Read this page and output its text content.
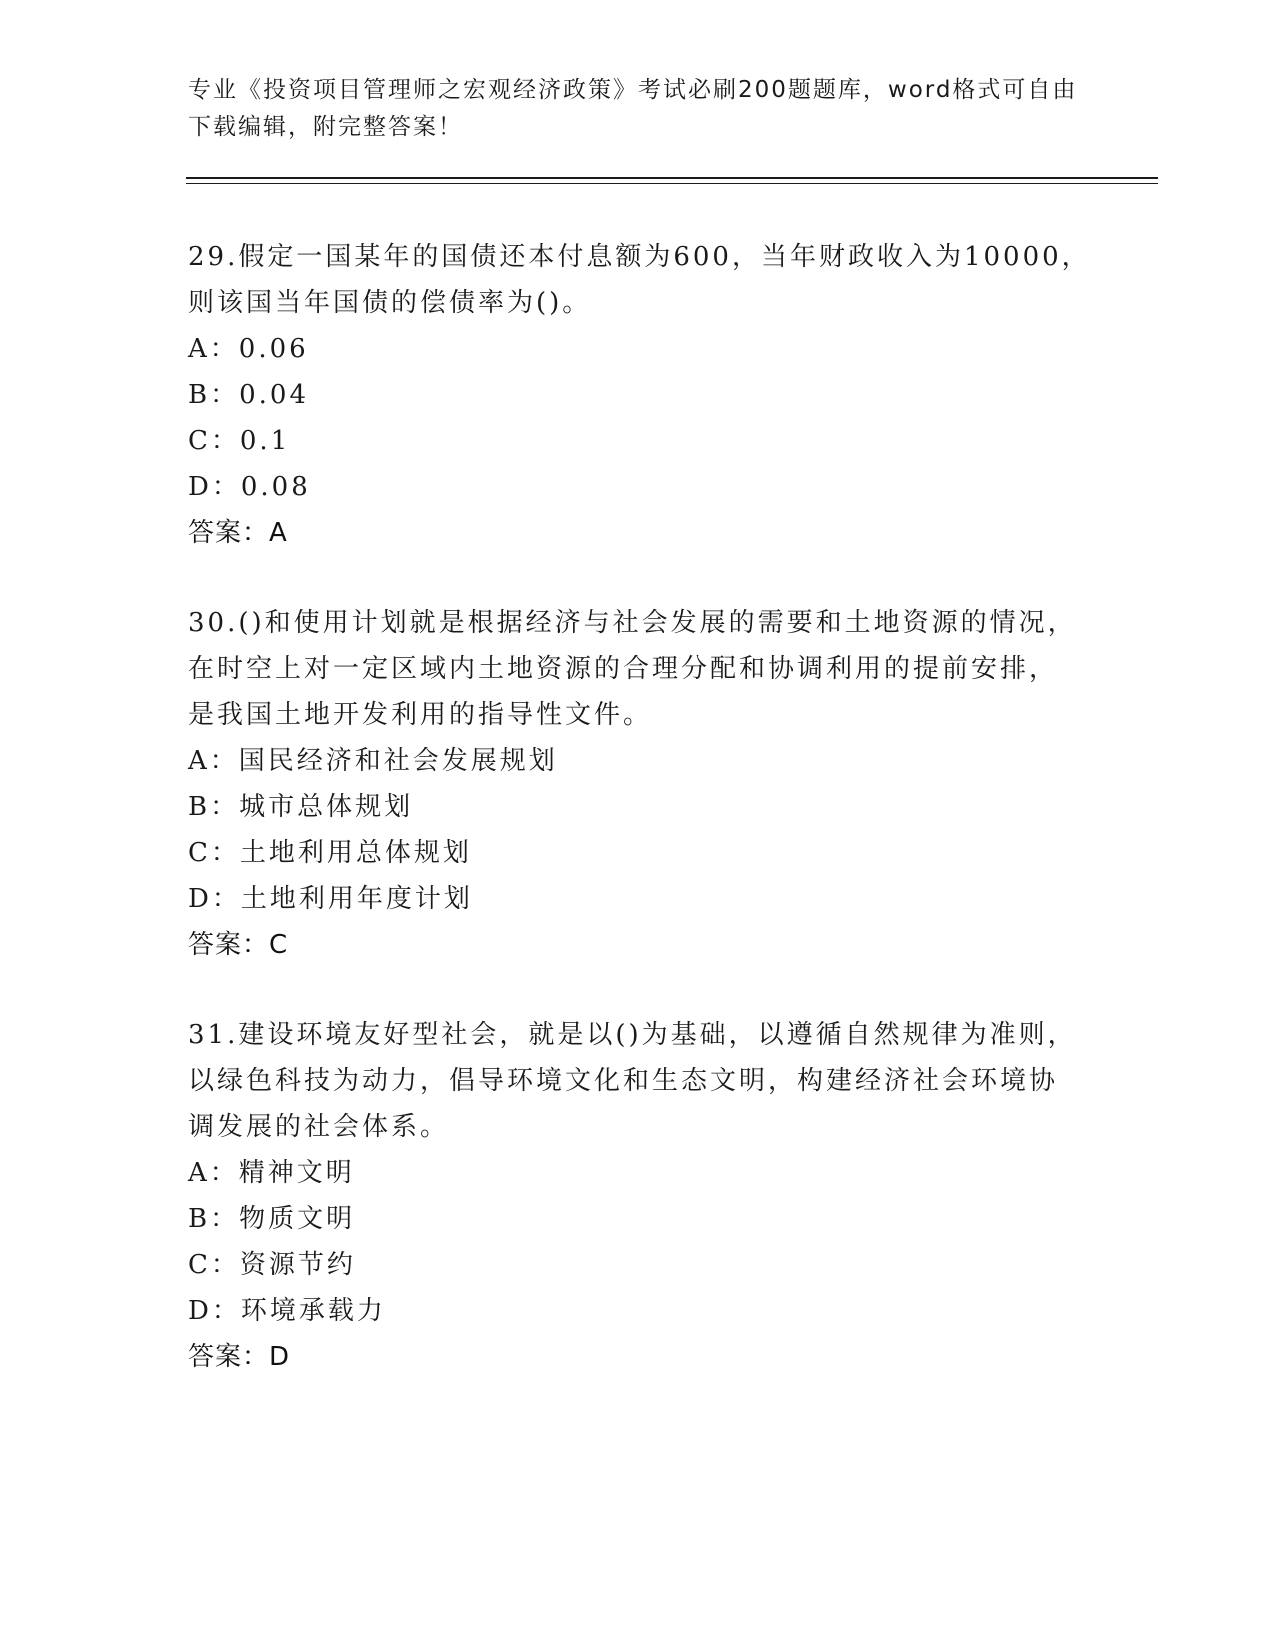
专业《投资项目管理师之宏观经济政策》考试必刷200题题库，word格式可自由
下载编辑，附完整答案！
29.假定一国某年的国债还本付息额为600，当年财政收入为10000，
则该国当年国债的偿债率为()。
A：0.06
B：0.04
C：0.1
D：0.08
答案：A
30.()和使用计划就是根据经济与社会发展的需要和土地资源的情况，
在时空上对一定区域内土地资源的合理分配和协调利用的提前安排，
是我国土地开发利用的指导性文件。
A：国民经济和社会发展规划
B：城市总体规划
C：土地利用总体规划
D：土地利用年度计划
答案：C
31.建设环境友好型社会，就是以()为基础，以遵循自然规律为准则，
以绿色科技为动力，倡导环境文化和生态文明，构建经济社会环境协
调发展的社会体系。
A：精神文明
B：物质文明
C：资源节约
D：环境承载力
答案：D
